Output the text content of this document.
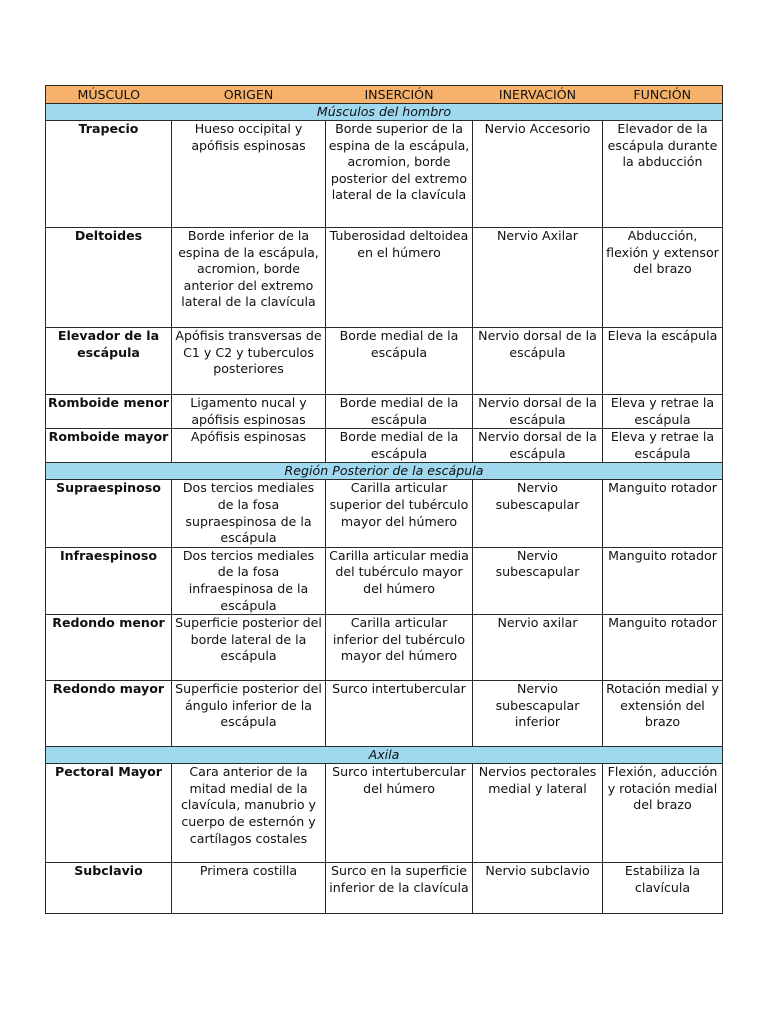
MÚSCULO	ORIGEN	INSERCIÓN	INERVACIÓN	FUNCIÓN
Músculos del hombro				
Trapecio	Hueso occipital y apófisis espinosas	Borde superior de la espina de la escápula, acromion, borde posterior del extremo lateral de la clavícula	Nervio Accesorio	Elevador de la escápula durante la abducción
Deltoides	Borde inferior de la espina de la escápula, acromion, borde anterior del extremo lateral de la clavícula	Tuberosidad deltoidea en el húmero	Nervio Axilar	Abducción, flexión y extensor del brazo
Elevador de la escápula	Apófisis transversas de C1 y C2 y tuberculos posteriores	Borde medial de la escápula	Nervio dorsal de la escápula	Eleva la escápula
Romboide menor	Ligamento nucal y apófisis espinosas	Borde medial de la escápula	Nervio dorsal de la escápula	Eleva y retrae la escápula
Romboide mayor	Apófisis espinosas	Borde medial de la escápula	Nervio dorsal de la escápula	Eleva y retrae la escápula
Región Posterior de la escápula				
Supraespinoso	Dos tercios mediales de la fosa supraespinosa de la escápula	Carilla articular superior del tubérculo mayor del húmero	Nervio subescapular	Manguito rotador
Infraespinoso	Dos tercios mediales de la fosa infraespinosa de la escápula	Carilla articular media del tubérculo mayor del húmero	Nervio subescapular	Manguito rotador
Redondo menor	Superficie posterior del borde lateral de la escápula	Carilla articular inferior del tubérculo mayor del húmero	Nervio axilar	Manguito rotador
Redondo mayor	Superficie posterior del ángulo inferior de la escápula	Surco intertubercular	Nervio subescapular inferior	Rotación medial y extensión del brazo
Axila				
Pectoral Mayor	Cara anterior de la mitad medial de la clavícula, manubrio y cuerpo de esternón y cartílagos costales	Surco intertubercular del húmero	Nervios pectorales medial y lateral	Flexión, aducción y rotación medial del brazo
Subclavio	Primera costilla	Surco en la superficie inferior de la clavícula	Nervio subclavio	Estabiliza la clavícula
